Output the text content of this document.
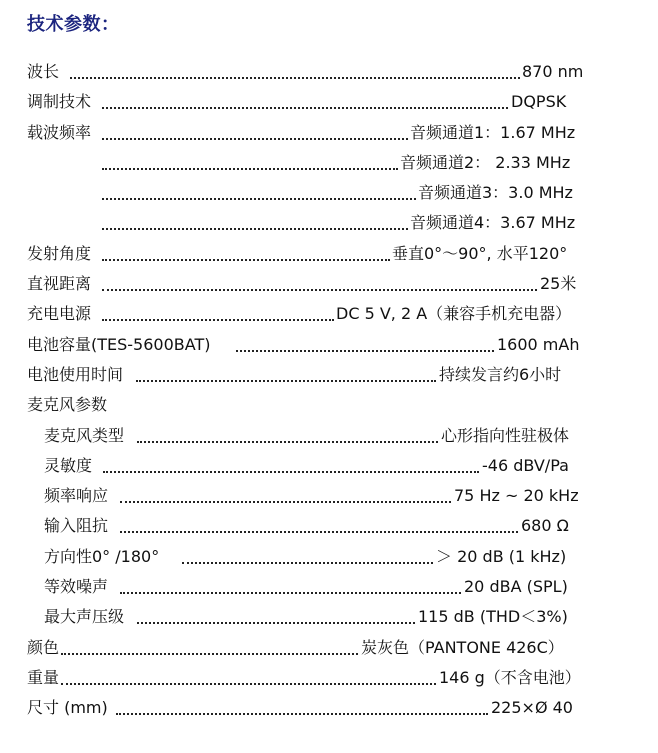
技术参数：
波长	870 nm
调制技术	DQPSK
载波频率	音频通道1：1.67 MHz
音频通道2： 2.33 MHz
音频通道3：3.0 MHz
音频通道4：3.67 MHz
发射角度	垂直0°～90°, 水平120°
直视距离	25米
充电电源	DC 5 V, 2 A（兼容手机充电器）
电池容量(TES-5600BAT)	1600 mAh
电池使用时间	持续发言约6小时
麦克风参数
麦克风类型	心形指向性驻极体
灵敏度	-46 dBV/Pa
频率响应	75 Hz ~ 20 kHz
输入阻抗	680 Ω
方向性0° /180°	＞ 20 dB (1 kHz)
等效噪声	20 dBA (SPL)
最大声压级	115 dB (THD＜3%)
颜色	炭灰色（PANTONE 426C）
重量	146 g（不含电池）
尺寸 (mm)	225×Ø 40
